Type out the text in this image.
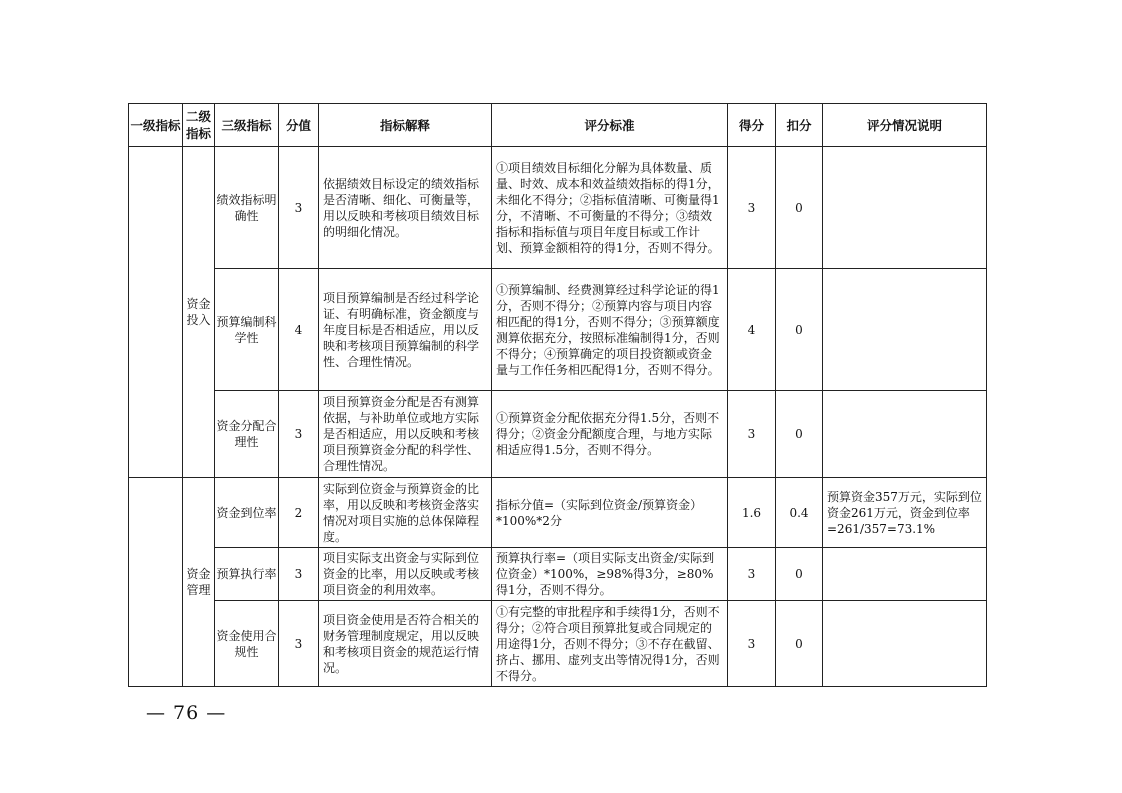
一级指标	二级指标	三级指标	分值	指标解释	评分标准	得分	扣分	评分情况说明
	资金投入	绩效指标明确性	3	依据绩效目标设定的绩效指标是否清晰、细化、可衡量等，用以反映和考核项目绩效目标的明细化情况。	①项目绩效目标细化分解为具体数量、质量、时效、成本和效益绩效指标的得1分，未细化不得分；②指标值清晰、可衡量得1分，不清晰、不可衡量的不得分；③绩效指标和指标值与项目年度目标或工作计划、预算金额相符的得1分，否则不得分。	3	0	
		预算编制科学性	4	项目预算编制是否经过科学论证、有明确标准，资金额度与年度目标是否相适应，用以反映和考核项目预算编制的科学性、合理性情况。	①预算编制、经费测算经过科学论证的得1分，否则不得分；②预算内容与项目内容相匹配的得1分，否则不得分；③预算额度测算依据充分，按照标准编制得1分，否则不得分；④预算确定的项目投资额或资金量与工作任务相匹配得1分，否则不得分。	4	0	
		资金分配合理性	3	项目预算资金分配是否有测算依据，与补助单位或地方实际是否相适应，用以反映和考核项目预算资金分配的科学性、合理性情况。	①预算资金分配依据充分得1.5分，否则不得分；②资金分配额度合理，与地方实际相适应得1.5分，否则不得分。	3	0	
	资金管理	资金到位率	2	实际到位资金与预算资金的比率，用以反映和考核资金落实情况对项目实施的总体保障程度。	指标分值=（实际到位资金/预算资金）*100%*2分	1.6	0.4	预算资金357万元，实际到位资金261万元，资金到位率=261/357=73.1%
		预算执行率	3	项目实际支出资金与实际到位资金的比率，用以反映或考核项目资金的利用效率。	预算执行率=（项目实际支出资金/实际到位资金）*100%，≥98%得3分，≥80%得1分，否则不得分。	3	0	
		资金使用合规性	3	项目资金使用是否符合相关的财务管理制度规定，用以反映和考核项目资金的规范运行情况。	①有完整的审批程序和手续得1分，否则不得分；②符合项目预算批复或合同规定的用途得1分，否则不得分；③不存在截留、挤占、挪用、虚列支出等情况得1分，否则不得分。	3	0	
— 76 —
